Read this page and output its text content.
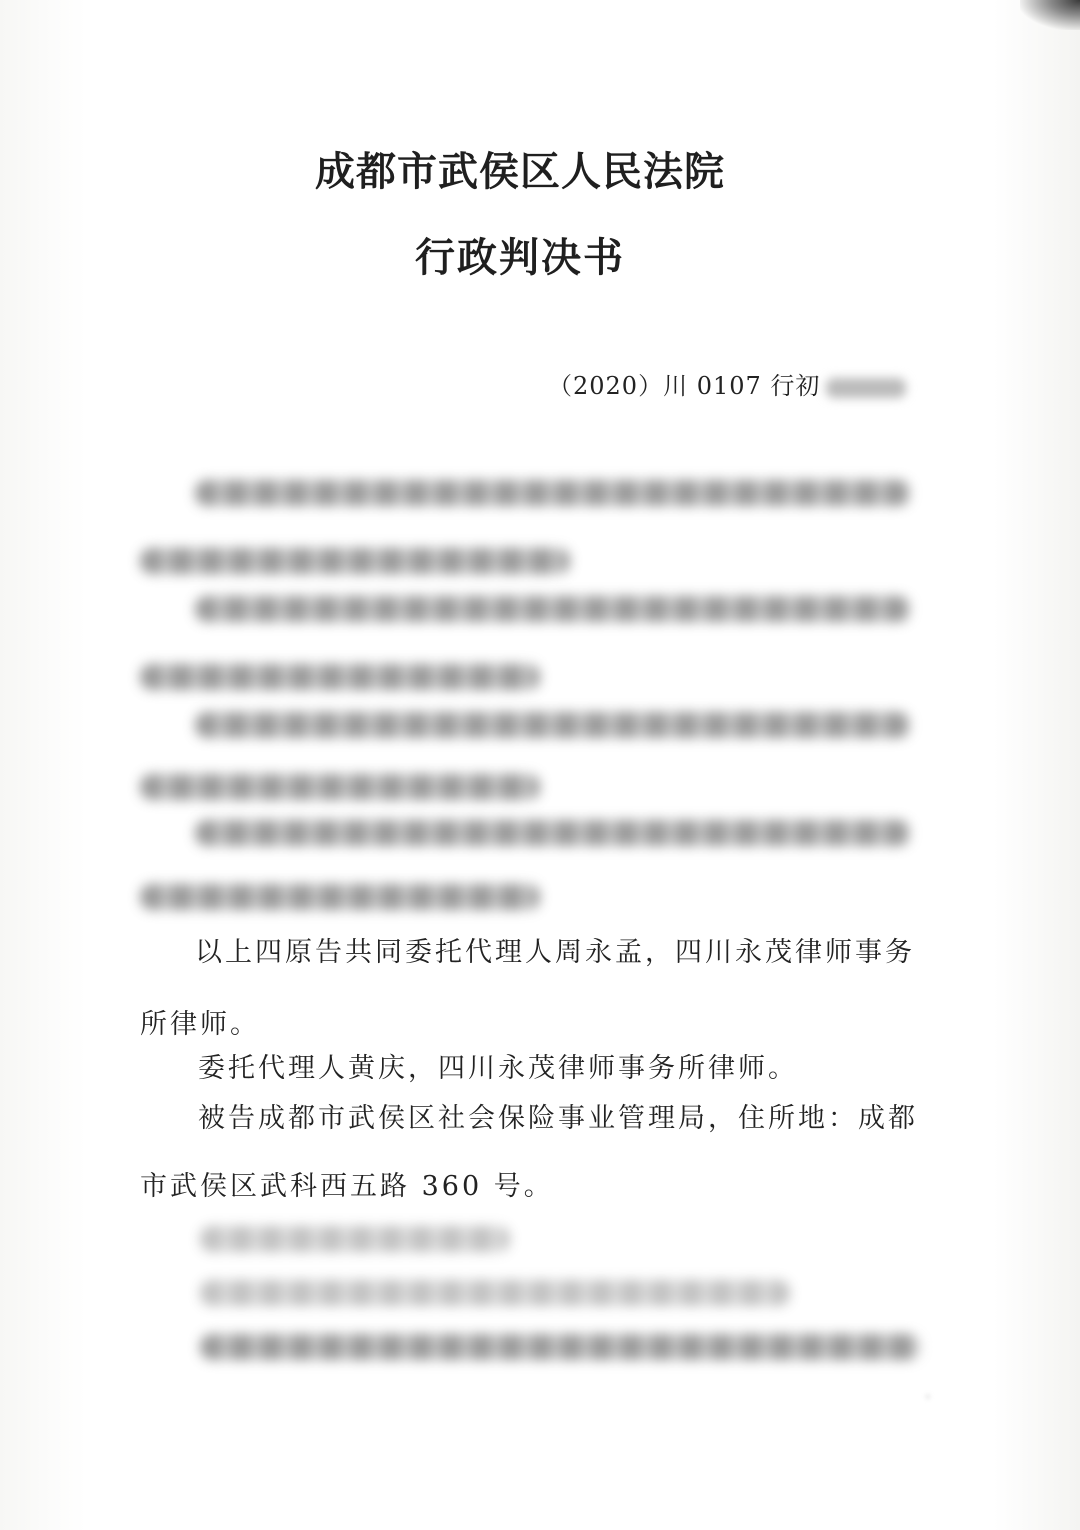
成都市武侯区人民法院
行政判决书
（2020）川 0107 行初
以上四原告共同委托代理人周永孟，四川永茂律师事务
所律师。
委托代理人黄庆，四川永茂律师事务所律师。
被告成都市武侯区社会保险事业管理局，住所地：成都
市武侯区武科西五路 360 号。
◦
